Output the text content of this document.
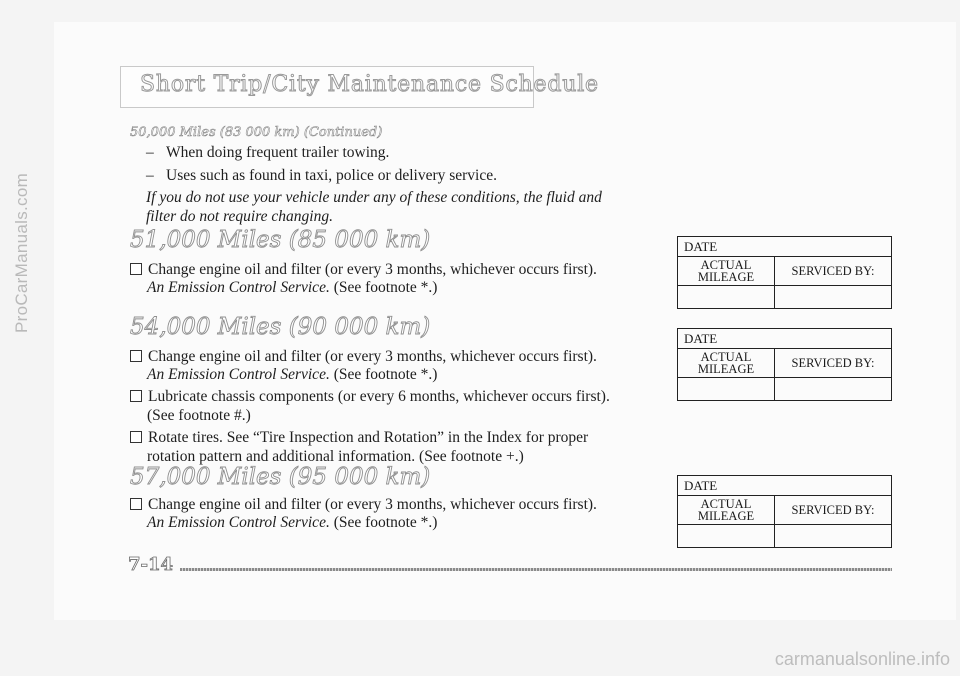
ProCarManuals.com
carmanualsonline.info
Short Trip/City Maintenance Schedule
50,000 Miles (83 000 km) (Continued)
– When doing frequent trailer towing.
– Uses such as found in taxi, police or delivery service.
If you do not use your vehicle under any of these conditions, the fluid and
filter do not require changing.
51,000 Miles (85 000 km)
Change engine oil and filter (or every 3 months, whichever occurs first).
An Emission Control Service. (See footnote *.)
54,000 Miles (90 000 km)
Change engine oil and filter (or every 3 months, whichever occurs first).
An Emission Control Service. (See footnote *.)
Lubricate chassis components (or every 6 months, whichever occurs first).
(See footnote #.)
Rotate tires. See “Tire Inspection and Rotation” in the Index for proper
rotation pattern and additional information. (See footnote +.)
57,000 Miles (95 000 km)
Change engine oil and filter (or every 3 months, whichever occurs first).
An Emission Control Service. (See footnote *.)
DATE	
ACTUAL
MILEAGE	SERVICED BY:

DATE	
ACTUAL
MILEAGE	SERVICED BY:

DATE	
ACTUAL
MILEAGE	SERVICED BY:

7-14
